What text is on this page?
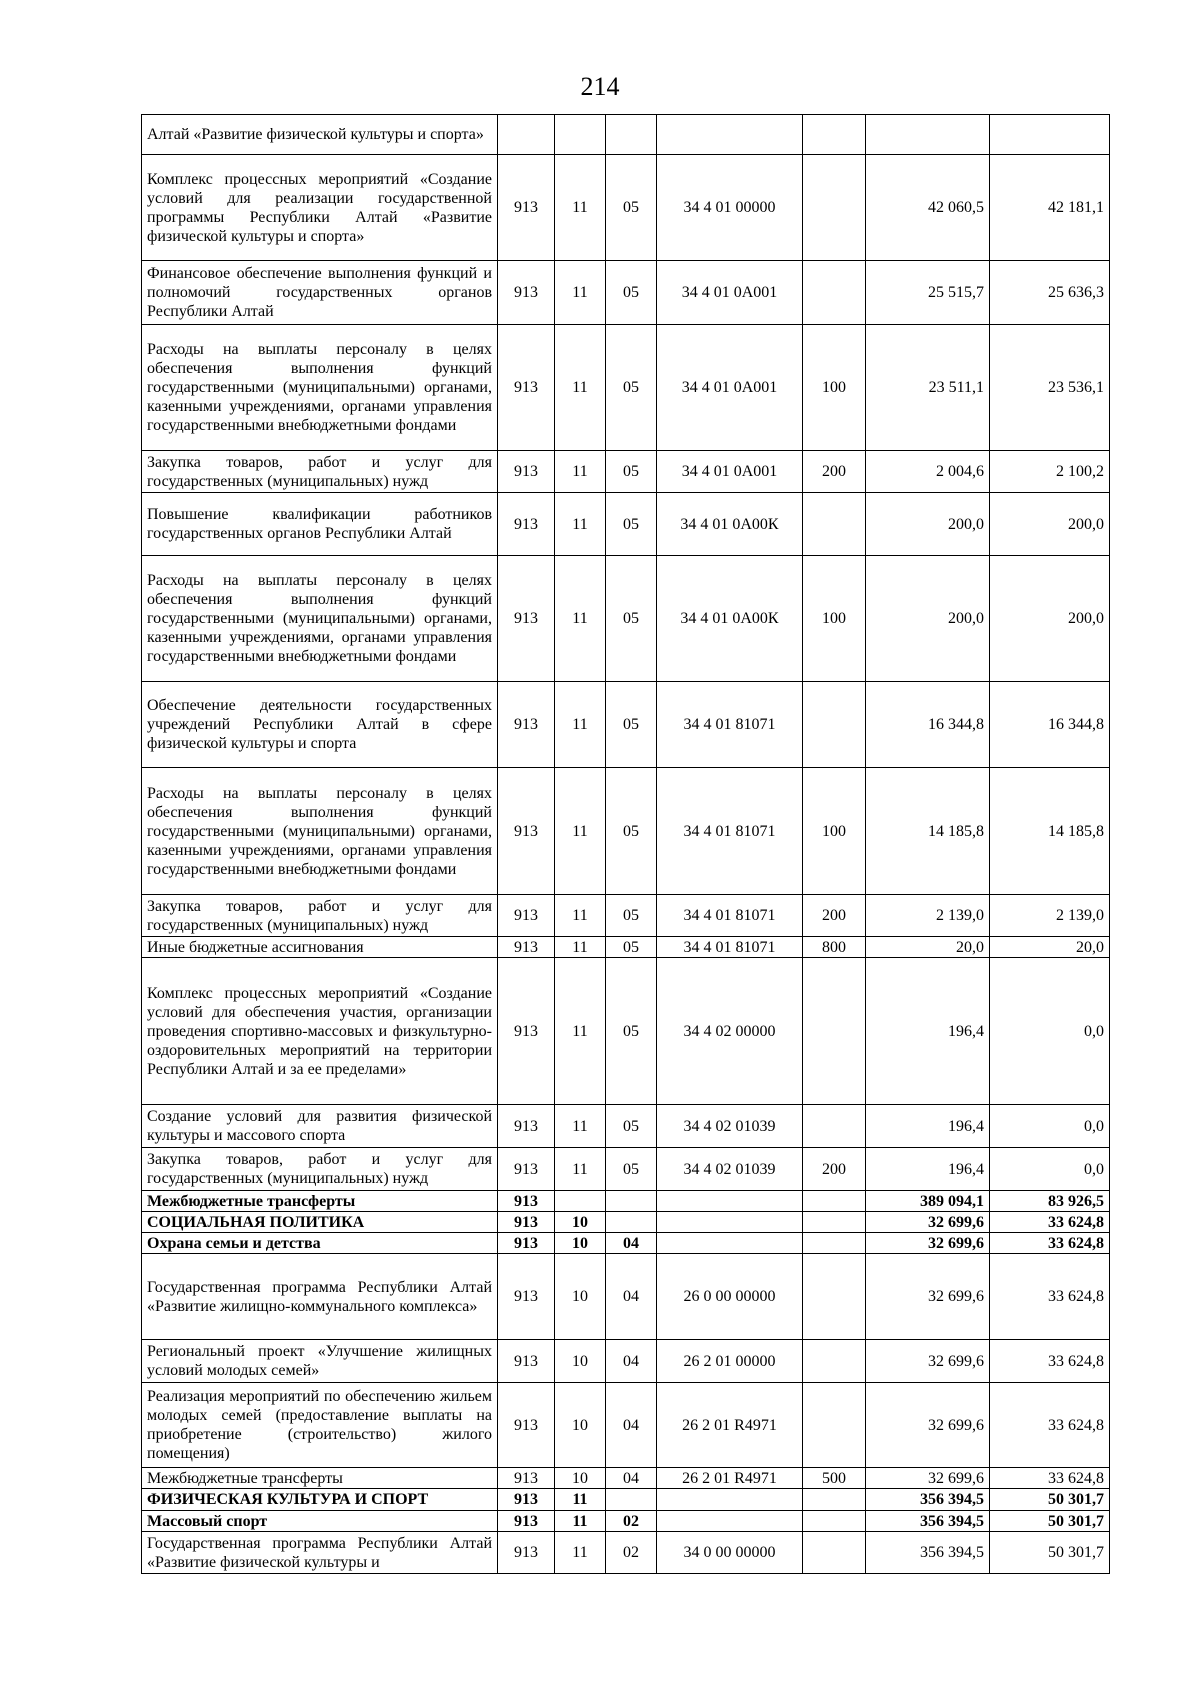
214
Алтай «Развитие физической культуры и спорта»							
Комплекс процессных мероприятий «Создание условий для реализации государственной программы Республики Алтай «Развитие физической культуры и спорта»	913	11	05	34 4 01 00000		42 060,5	42 181,1
Финансовое обеспечение выполнения функций и полномочий государственных органов Республики Алтай	913	11	05	34 4 01 0А001		25 515,7	25 636,3
Расходы на выплаты персоналу в целях обеспечения выполнения функций государственными (муниципальными) органами, казенными учреждениями, органами управления государственными внебюджетными фондами	913	11	05	34 4 01 0А001	100	23 511,1	23 536,1
Закупка товаров, работ и услуг для государственных (муниципальных) нужд	913	11	05	34 4 01 0А001	200	2 004,6	2 100,2
Повышение квалификации работников государственных органов Республики Алтай	913	11	05	34 4 01 0А00К		200,0	200,0
Расходы на выплаты персоналу в целях обеспечения выполнения функций государственными (муниципальными) органами, казенными учреждениями, органами управления государственными внебюджетными фондами	913	11	05	34 4 01 0А00К	100	200,0	200,0
Обеспечение деятельности государственных учреждений Республики Алтай в сфере физической культуры и спорта	913	11	05	34 4 01 81071		16 344,8	16 344,8
Расходы на выплаты персоналу в целях обеспечения выполнения функций государственными (муниципальными) органами, казенными учреждениями, органами управления государственными внебюджетными фондами	913	11	05	34 4 01 81071	100	14 185,8	14 185,8
Закупка товаров, работ и услуг для государственных (муниципальных) нужд	913	11	05	34 4 01 81071	200	2 139,0	2 139,0
Иные бюджетные ассигнования	913	11	05	34 4 01 81071	800	20,0	20,0
Комплекс процессных мероприятий «Создание условий для обеспечения участия, организации проведения спортивно-массовых и физкультурно-оздоровительных мероприятий на территории Республики Алтай и за ее пределами»	913	11	05	34 4 02 00000		196,4	0,0
Создание условий для развития физической культуры и массового спорта	913	11	05	34 4 02 01039		196,4	0,0
Закупка товаров, работ и услуг для государственных (муниципальных) нужд	913	11	05	34 4 02 01039	200	196,4	0,0
Межбюджетные трансферты	913					389 094,1	83 926,5
СОЦИАЛЬНАЯ ПОЛИТИКА	913	10				32 699,6	33 624,8
Охрана семьи и детства	913	10	04			32 699,6	33 624,8
Государственная программа Республики Алтай «Развитие жилищно-коммунального комплекса»	913	10	04	26 0 00 00000		32 699,6	33 624,8
Региональный проект «Улучшение жилищных условий молодых семей»	913	10	04	26 2 01 00000		32 699,6	33 624,8
Реализация мероприятий по обеспечению жильем молодых семей (предоставление выплаты на приобретение (строительство) жилого помещения)	913	10	04	26 2 01 R4971		32 699,6	33 624,8
Межбюджетные трансферты	913	10	04	26 2 01 R4971	500	32 699,6	33 624,8
ФИЗИЧЕСКАЯ КУЛЬТУРА И СПОРТ	913	11				356 394,5	50 301,7
Массовый спорт	913	11	02			356 394,5	50 301,7
Государственная программа Республики Алтай «Развитие физической культуры и	913	11	02	34 0 00 00000		356 394,5	50 301,7
